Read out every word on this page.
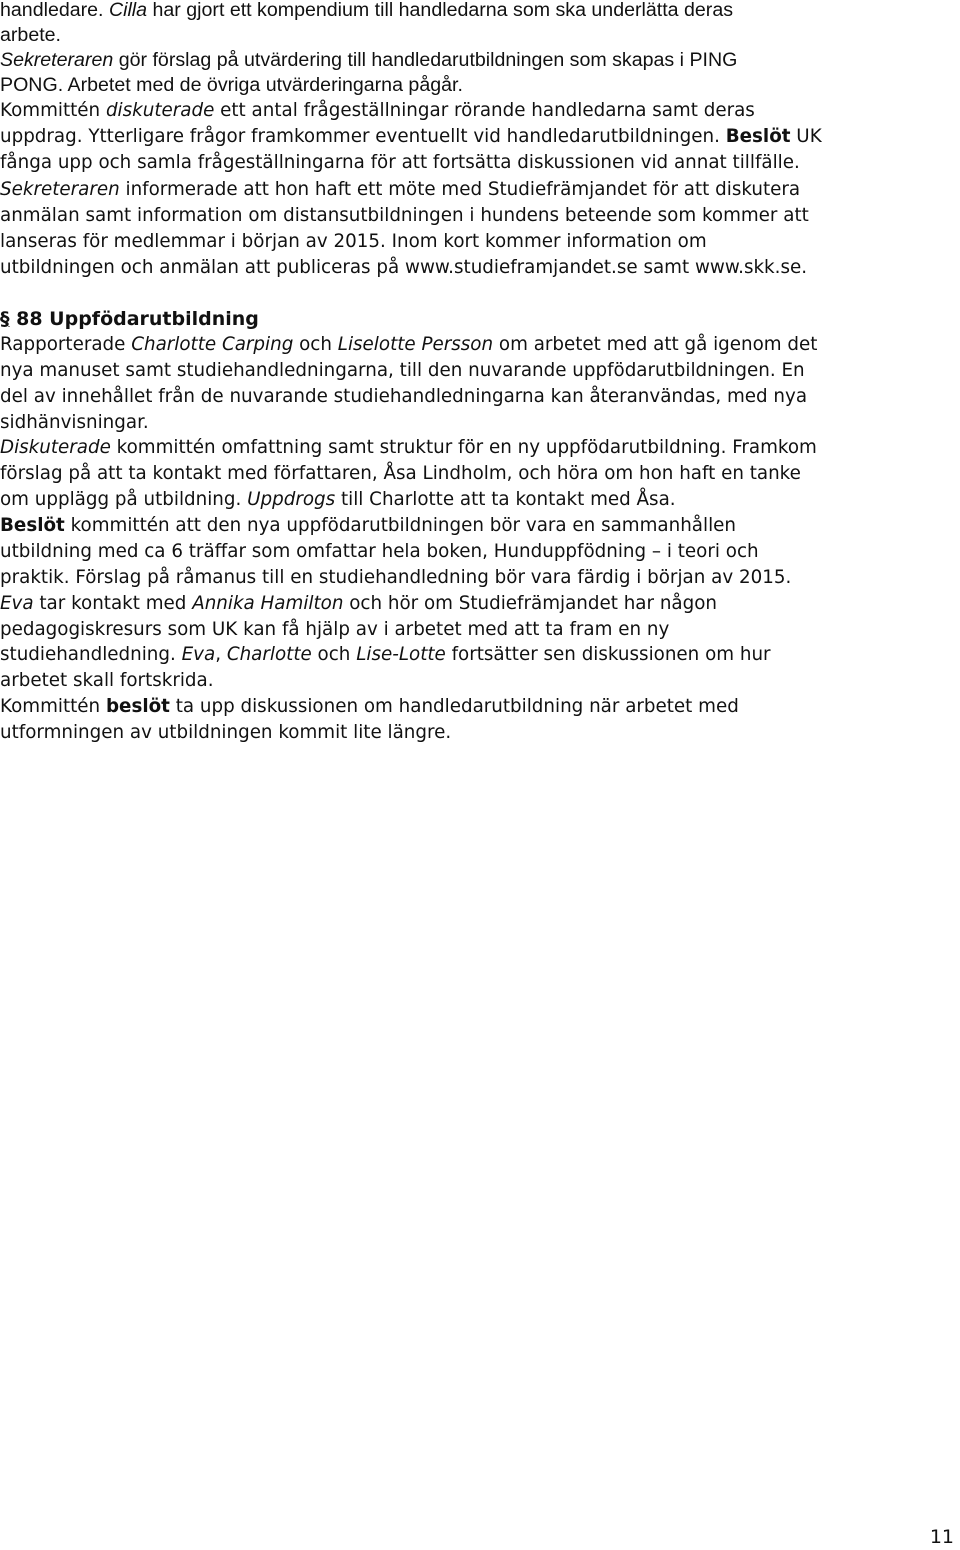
handledare. Cilla har gjort ett kompendium till handledarna som ska underlätta deras
arbete.
Sekreteraren gör förslag på utvärdering till handledarutbildningen som skapas i PING
PONG. Arbetet med de övriga utvärderingarna pågår.
Kommittén diskuterade ett antal frågeställningar rörande handledarna samt deras
uppdrag. Ytterligare frågor framkommer eventuellt vid handledarutbildningen. Beslöt UK
fånga upp och samla frågeställningarna för att fortsätta diskussionen vid annat tillfälle.
Sekreteraren informerade att hon haft ett möte med Studiefrämjandet för att diskutera
anmälan samt information om distansutbildningen i hundens beteende som kommer att
lanseras för medlemmar i början av 2015. Inom kort kommer information om
utbildningen och anmälan att publiceras på www.studieframjandet.se samt www.skk.se.
§ 88 Uppfödarutbildning
Rapporterade Charlotte Carping och Liselotte Persson om arbetet med att gå igenom det
nya manuset samt studiehandledningarna, till den nuvarande uppfödarutbildningen. En
del av innehållet från de nuvarande studiehandledningarna kan återanvändas, med nya
sidhänvisningar.
Diskuterade kommittén omfattning samt struktur för en ny uppfödarutbildning. Framkom
förslag på att ta kontakt med författaren, Åsa Lindholm, och höra om hon haft en tanke
om upplägg på utbildning. Uppdrogs till Charlotte att ta kontakt med Åsa.
Beslöt kommittén att den nya uppfödarutbildningen bör vara en sammanhållen
utbildning med ca 6 träffar som omfattar hela boken, Hunduppfödning – i teori och
praktik. Förslag på råmanus till en studiehandledning bör vara färdig i början av 2015.
Eva tar kontakt med Annika Hamilton och hör om Studiefrämjandet har någon
pedagogiskresurs som UK kan få hjälp av i arbetet med att ta fram en ny
studiehandledning. Eva, Charlotte och Lise-Lotte fortsätter sen diskussionen om hur
arbetet skall fortskrida.
Kommittén beslöt ta upp diskussionen om handledarutbildning när arbetet med
utformningen av utbildningen kommit lite längre.
11
